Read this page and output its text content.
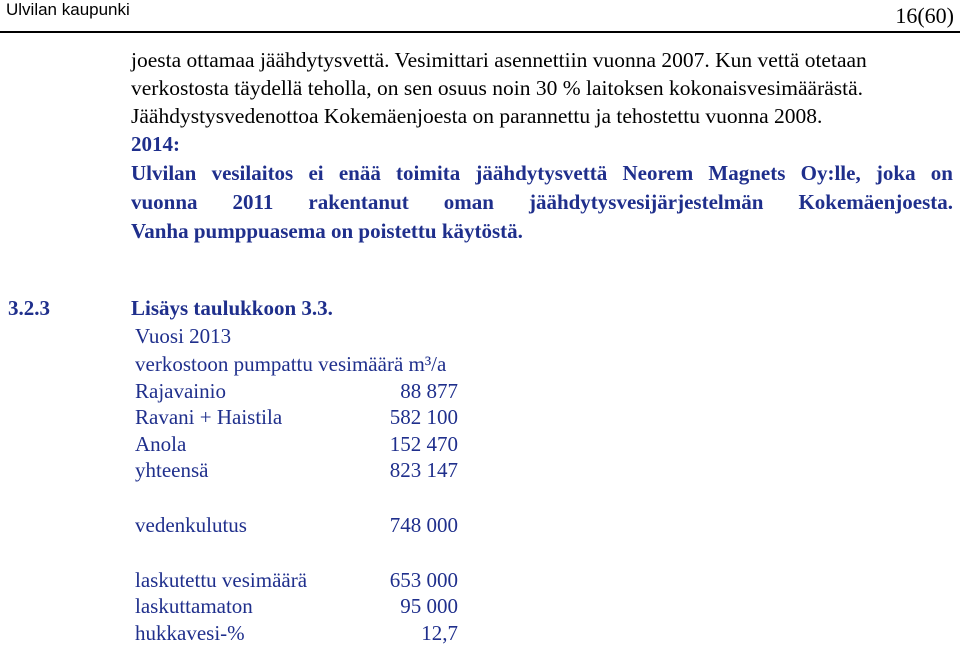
Ulvilan kaupunki	16(60)

joesta ottamaa jäähdytysvettä. Vesimittari asennettiin vuonna 2007. Kun vettä otetaan

verkostosta täydellä teholla, on sen osuus noin 30 % laitoksen kokonaisvesimäärästä.

Jäähdystysvedenottoa Kokemäenjoesta on parannettu ja tehostettu vuonna 2008.

2014:
Ulvilan vesilaitos ei enää toimita jäähdytysvettä Neorem Magnets Oy:lle, joka on
vuonna 2011 rakentanut oman jäähdytysvesijärjestelmän Kokemäenjoesta.
Vanha pumppuasema on poistettu käytöstä.
3.2.3	Lisäys taulukkoon 3.3.
Vuosi 2013
verkostoon pumpattu vesimäärä m³/a
Rajavainio	88 877
Ravani + Haistila	582 100
Anola	152 470
yhteensä	823 147
vedenkulutus	748 000
laskutettu vesimäärä	653 000
laskuttamaton	95 000
hukkavesi-%	12,7
